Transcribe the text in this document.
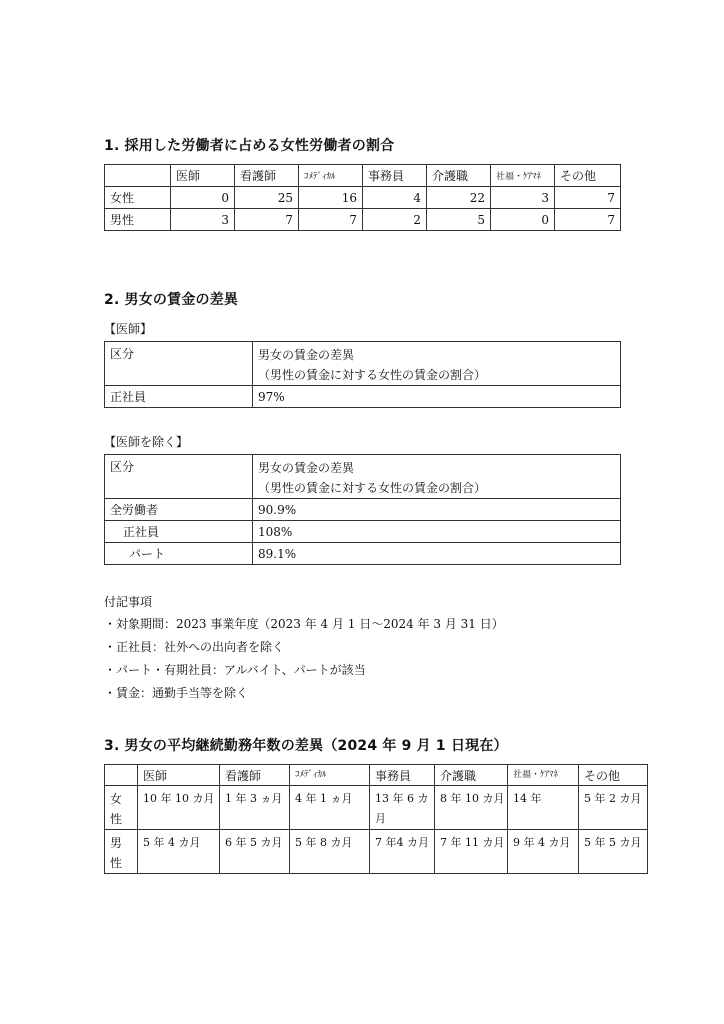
1. 採用した労働者に占める女性労働者の割合
	医師	看護師	ｺﾒﾃﾞｨｶﾙ	事務員	介護職	社福・ｹｱﾏﾈ	その他
女性	0	25	16	4	22	3	7
男性	3	7	7	2	5	0	7
2. 男女の賃金の差異

【医師】

区分	男女の賃金の差異
（男性の賃金に対する女性の賃金の割合）

正社員	97%

【医師を除く】

区分	男女の賃金の差異
（男性の賃金に対する女性の賃金の割合）

全労働者	90.9%
正社員	108%
パート	89.1%

付記事項

・対象期間：2023 事業年度（2023 年 4 月 1 日～2024 年 3 月 31 日）

・正社員：社外への出向者を除く

・パート・有期社員：アルバイト、パートが該当

・賃金：通勤手当等を除く

3. 男女の平均継続勤務年数の差異（2024 年 9 月 1 日現在）
	医師	看護師	ｺﾒﾃﾞｨｶﾙ	事務員	介護職	社福・ｹｱﾏﾈ	その他
女性	10 年 10 カ月	1 年 3 ヵ月	4 年 1 ヵ月	13 年 6 カ月	8 年 10 カ月	14 年	5 年 2 カ月
男性	5 年 4 カ月	6 年 5 カ月	5 年 8 カ月	7 年4 カ月	7 年 11 カ月	9 年 4 カ月	5 年 5 カ月
